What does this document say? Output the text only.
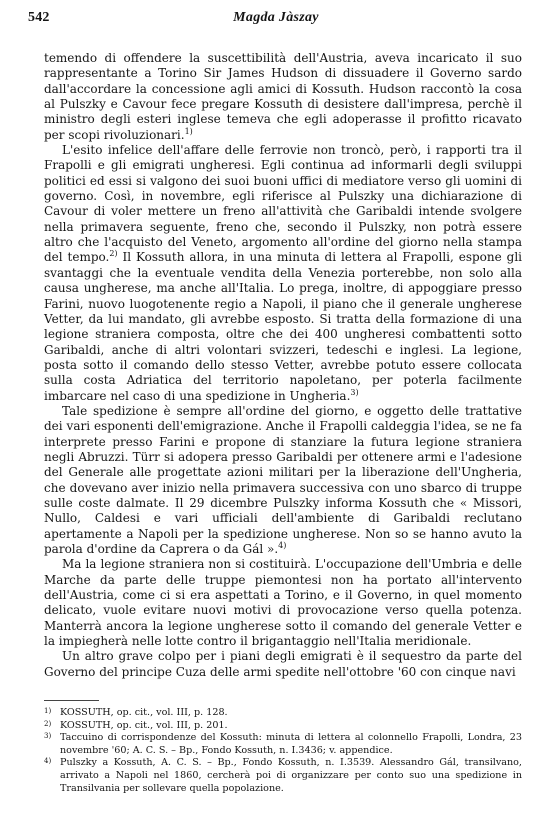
542	Magda Jàszay

temendo di offendere la suscettibilità dell'Austria, aveva incaricato il suo rappresentante a Torino Sir James Hudson di dissuadere il Governo sardo dall'accordare la concessione agli amici di Kossuth. Hudson raccontò la cosa al Pulszky e Cavour fece pregare Kossuth di desistere dall'impresa, perchè il ministro degli esteri inglese temeva che egli adoperasse il profitto ricavato per scopi rivoluzionari.$^{1)}$

L'esito infelice dell'affare delle ferrovie non troncò, però, i rapporti tra il Frapolli e gli emigrati ungheresi. Egli continua ad informarli degli sviluppi politici ed essi si valgono dei suoi buoni uffici di mediatore verso gli uomini di governo. Così, in novembre, egli riferisce al Pulszky una dichiarazione di Cavour di voler mettere un freno all'attività che Garibaldi intende svolgere nella primavera seguente, freno che, secondo il Pulszky, non potrà essere altro che l'acquisto del Veneto, argomento all'ordine del giorno nella stampa del tempo.$^{2)}$ Il Kossuth allora, in una minuta di lettera al Frapolli, espone gli svantaggi che la eventuale vendita della Venezia porterebbe, non solo alla causa ungherese, ma anche all'Italia. Lo prega, inoltre, di appoggiare presso Farini, nuovo luogotenente regio a Napoli, il piano che il generale ungherese Vetter, da lui mandato, gli avrebbe esposto. Si tratta della formazione di una legione straniera composta, oltre che dei 400 ungheresi combattenti sotto Garibaldi, anche di altri volontari svizzeri, tedeschi e inglesi. La legione, posta sotto il comando dello stesso Vetter, avrebbe potuto essere collocata sulla costa Adriatica del territorio napoletano, per poterla facilmente imbarcare nel caso di una spedizione in Ungheria.$^{3)}$

Tale spedizione è sempre all'ordine del giorno, e oggetto delle trattative dei vari esponenti dell'emigrazione. Anche il Frapolli caldeggia l'idea, se ne fa interprete presso Farini e propone di stanziare la futura legione straniera negli Abruzzi. Türr si adopera presso Garibaldi per ottenere armi e l'adesione del Generale alle progettate azioni militari per la liberazione dell'Ungheria, che dovevano aver inizio nella primavera successiva con uno sbarco di truppe sulle coste dalmate. Il 29 dicembre Pulszky informa Kossuth che « Missori, Nullo, Caldesi e vari ufficiali dell'ambiente di Garibaldi reclutano apertamente a Napoli per la spedizione ungherese. Non so se hanno avuto la parola d'ordine da Caprera o da Gál ».$^{4)}$

Ma la legione straniera non si costituirà. L'occupazione dell'Umbria e delle Marche da parte delle truppe piemontesi non ha portato all'intervento dell'Austria, come ci si era aspettati a Torino, e il Governo, in quel momento delicato, vuole evitare nuovi motivi di provocazione verso quella potenza. Manterrà ancora la legione ungherese sotto il comando del generale Vetter e la impiegherà nelle lotte contro il brigantaggio nell'Italia meridionale.

Un altro grave colpo per i piani degli emigrati è il sequestro da parte del Governo del principe Cuza delle armi spedite nell'ottobre '60 con cinque navi

1) KOSSUTH, op. cit., vol. III, p. 128.
2) KOSSUTH, op. cit., vol. III, p. 201.
3) Taccuino di corrispondenze del Kossuth: minuta di lettera al colonnello Frapolli, Londra, 23 novembre '60; A. C. S. – Bp., Fondo Kossuth, n. I.3436; v. appendice.
4) Pulszky a Kossuth, A. C. S. – Bp., Fondo Kossuth, n. I.3539. Alessandro Gál, transilvano, arrivato a Napoli nel 1860, cercherà poi di organizzare per conto suo una spedizione in Transilvania per sollevare quella popolazione.
